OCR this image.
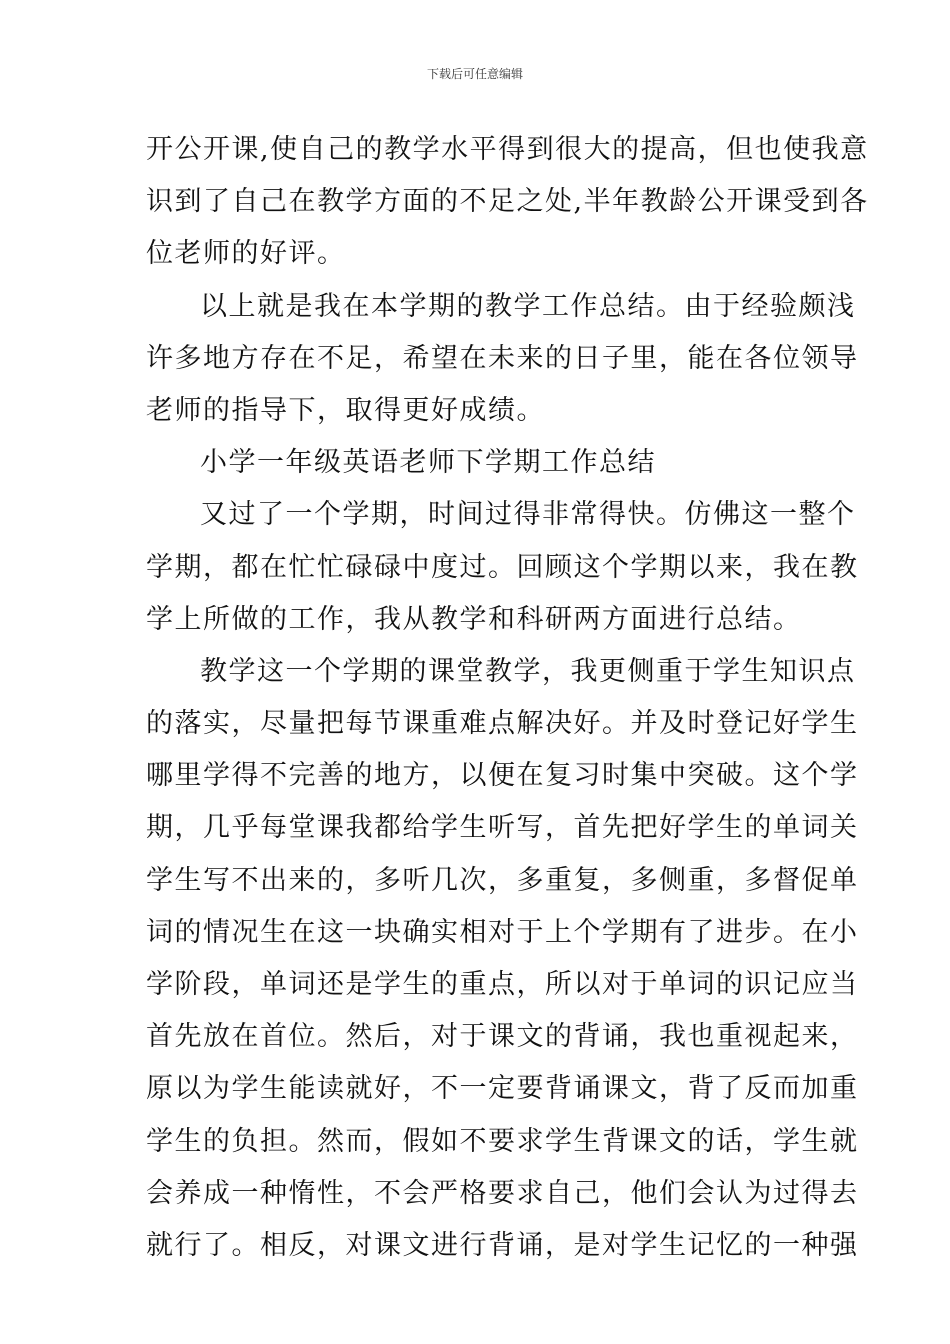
下载后可任意编辑
开公开课,使自己的教学水平得到很大的提高，但也使我意
识到了自己在教学方面的不足之处,半年教龄公开课受到各
位老师的好评。
以上就是我在本学期的教学工作总结。由于经验颇浅
许多地方存在不足，希望在未来的日子里，能在各位领导
老师的指导下，取得更好成绩。
小学一年级英语老师下学期工作总结
又过了一个学期，时间过得非常得快。仿佛这一整个
学期，都在忙忙碌碌中度过。回顾这个学期以来，我在教
学上所做的工作，我从教学和科研两方面进行总结。
教学这一个学期的课堂教学，我更侧重于学生知识点
的落实，尽量把每节课重难点解决好。并及时登记好学生
哪里学得不完善的地方，以便在复习时集中突破。这个学
期，几乎每堂课我都给学生听写，首先把好学生的单词关
学生写不出来的，多听几次，多重复，多侧重，多督促单
词的情况生在这一块确实相对于上个学期有了进步。在小
学阶段，单词还是学生的重点，所以对于单词的识记应当
首先放在首位。然后，对于课文的背诵，我也重视起来，
原以为学生能读就好，不一定要背诵课文，背了反而加重
学生的负担。然而，假如不要求学生背课文的话，学生就
会养成一种惰性，不会严格要求自己，他们会认为过得去
就行了。相反，对课文进行背诵，是对学生记忆的一种强
